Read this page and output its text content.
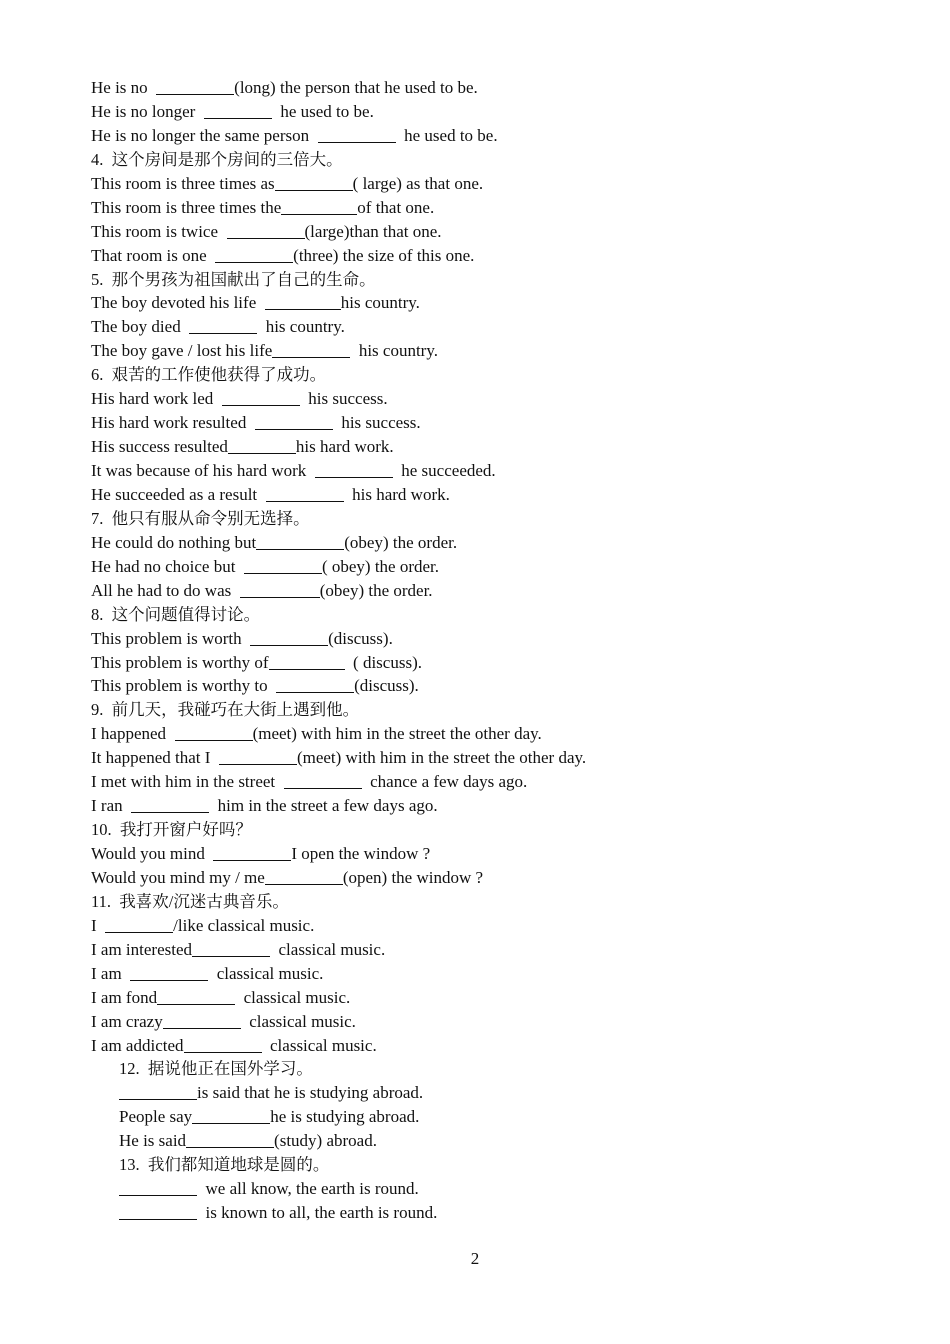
He is no	(long) the person that he used to be.
He is no longer	he used to be.
He is no longer the same person	he used to be.
4.  这个房间是那个房间的三倍大。
This room is three times as	( large) as that one.
This room is three times the	of that one.
This room is twice	(large)than that one.
That room is one	(three) the size of this one.
5.  那个男孩为祖国献出了自己的生命。
The boy devoted his life	his country.
The boy died	his country.
The boy gave / lost his life	his country.
6.  艰苦的工作使他获得了成功。
His hard work led	his success.
His hard work resulted	his success.
His success resulted	his hard work.
It was because of his hard work	he succeeded.
He succeeded as a result	his hard work.
7.  他只有服从命令别无选择。
He could do nothing but	(obey) the order.
He had no choice but	( obey) the order.
All he had to do was	(obey) the order.
8.  这个问题值得讨论。
This problem is worth	(discuss).
This problem is worthy of	( discuss).
This problem is worthy to	(discuss).
9.  前几天，我碰巧在大街上遇到他。
I happened	(meet) with him in the street the other day.
It happened that I	(meet) with him in the street the other day.
I met with him in the street	chance a few days ago.
I ran	him in the street a few days ago.
10.  我打开窗户好吗？
Would you mind	I open the window ?
Would you mind my / me	(open) the window ?
11.  我喜欢/沉迷古典音乐。
I	/like classical music.
I am interested	classical music.
I am	classical music.
I am fond	classical music.
I am crazy	classical music.
I am addicted	classical music.
12.  据说他正在国外学习。
is said that he is studying abroad.
People say	he is studying abroad.
He is said	(study) abroad.
13.  我们都知道地球是圆的。
we all know, the earth is round.
is known to all, the earth is round.
2
